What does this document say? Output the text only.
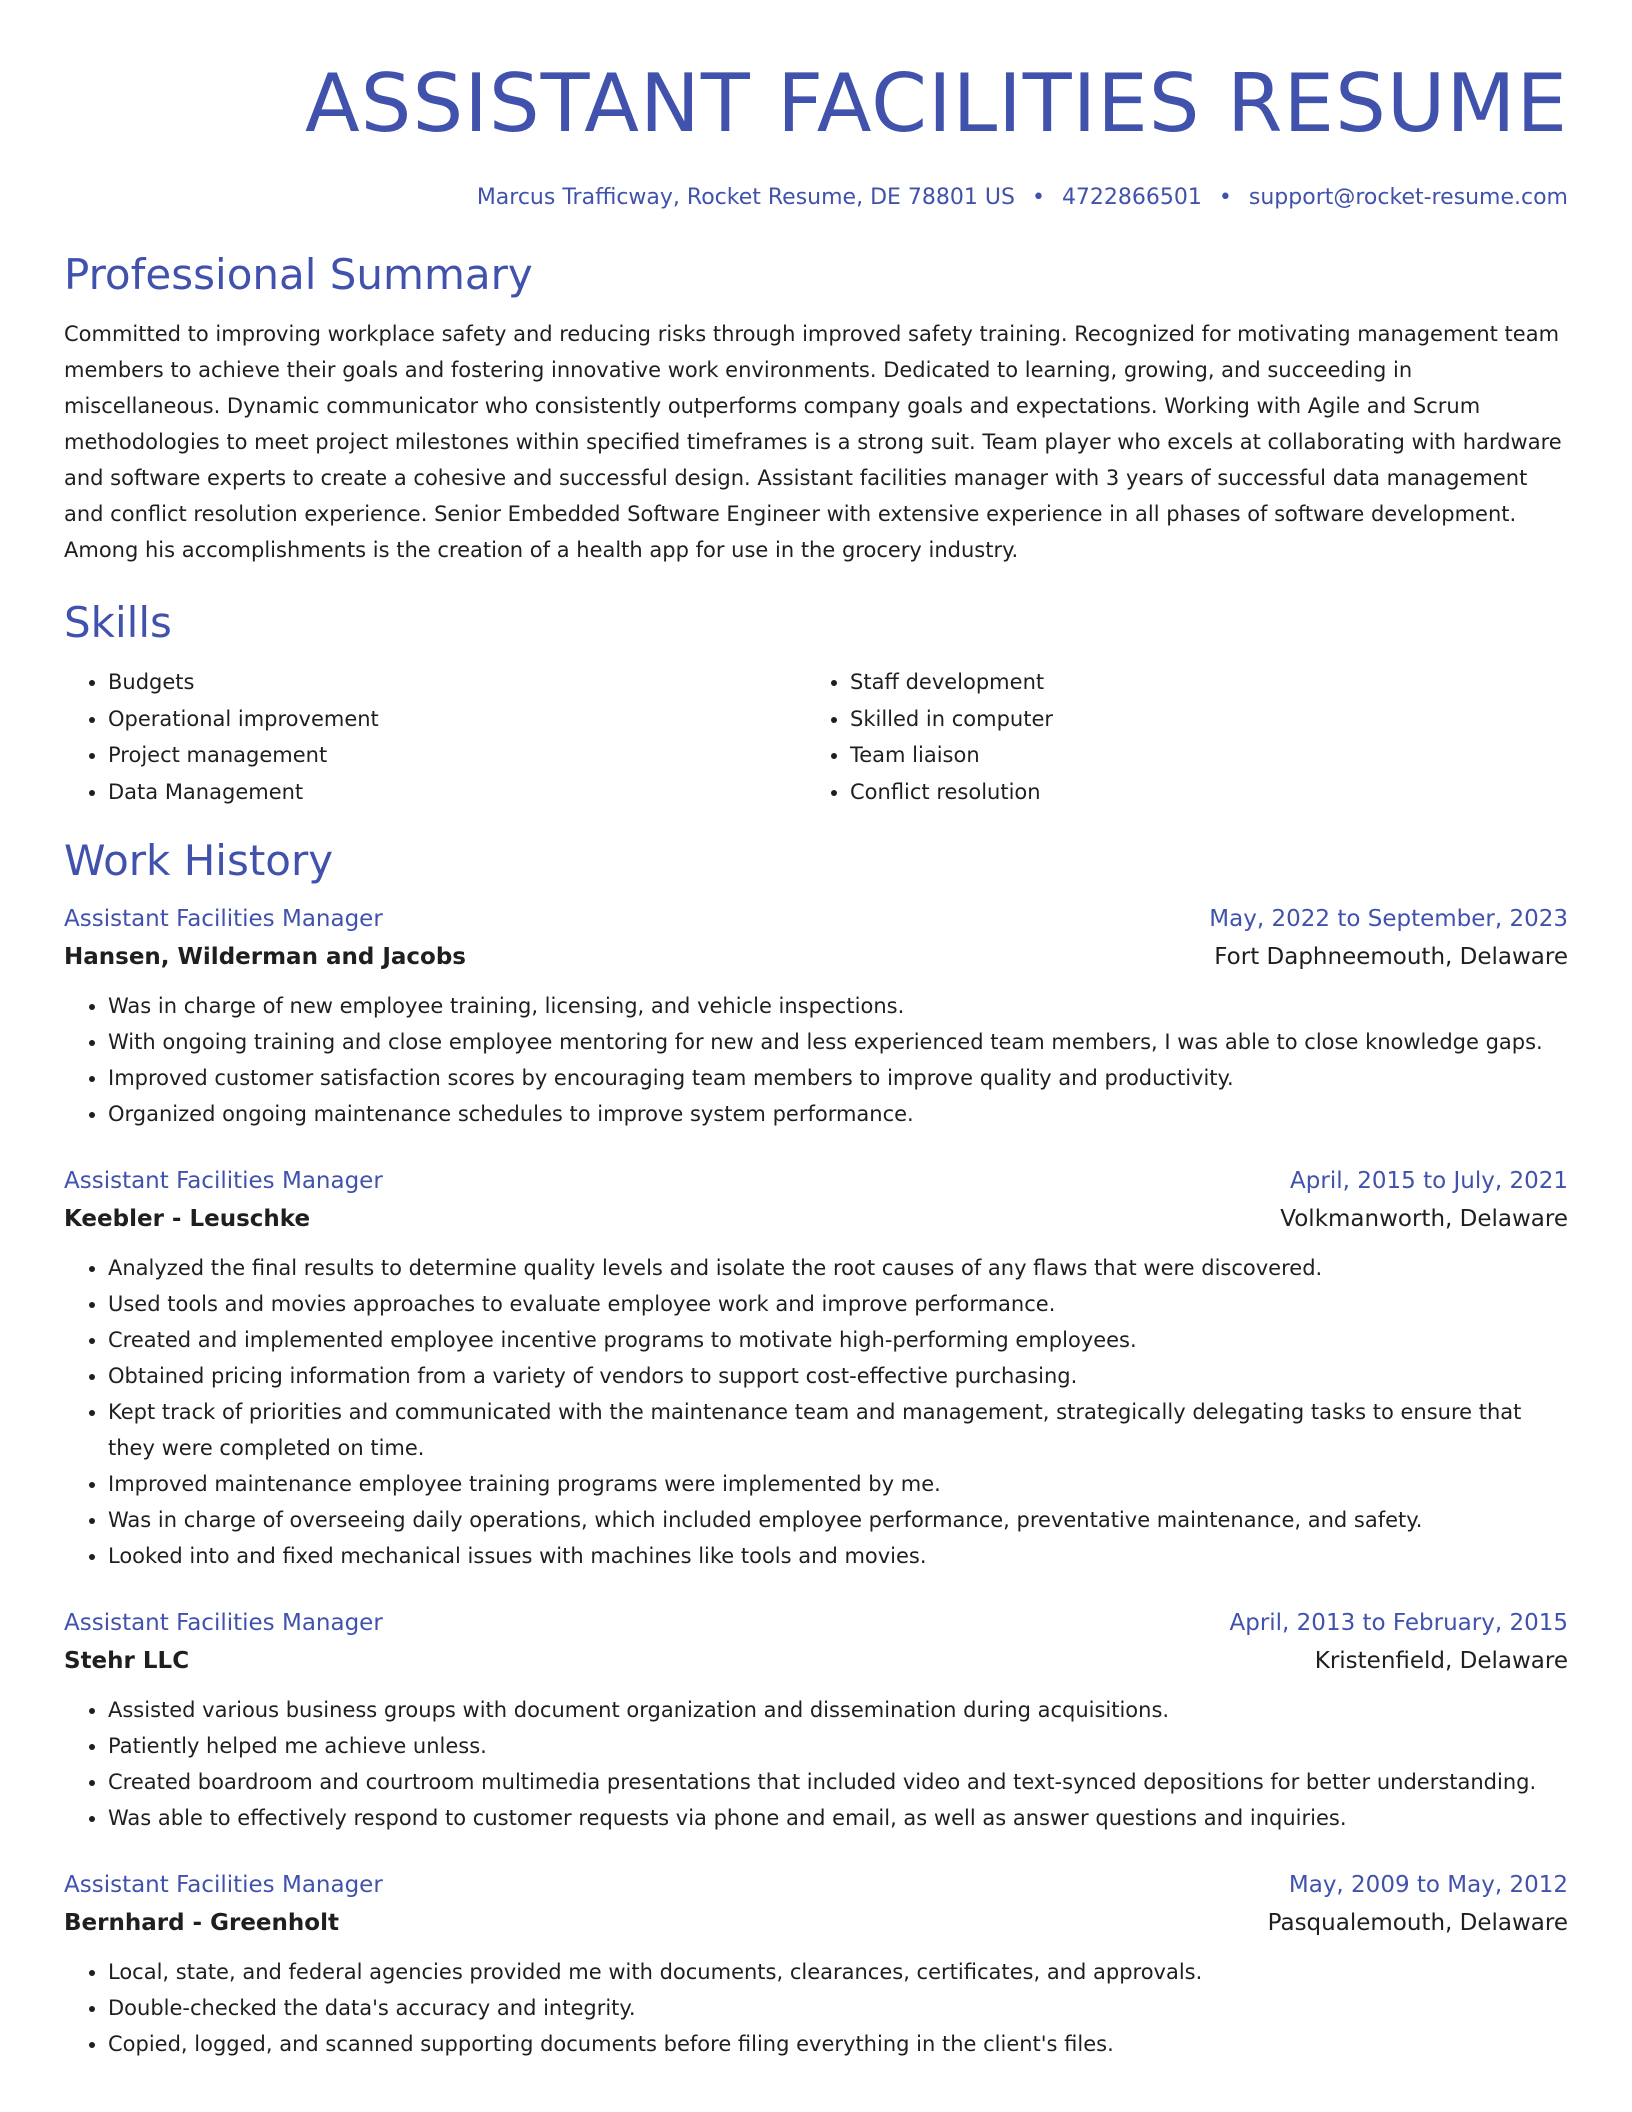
ASSISTANT FACILITIES RESUME
Marcus Trafficway, Rocket Resume, DE 78801 US • 4722866501 • support@rocket-resume.com
Professional Summary
Committed to improving workplace safety and reducing risks through improved safety training. Recognized for motivating management team members to achieve their goals and fostering innovative work environments. Dedicated to learning, growing, and succeeding in miscellaneous. Dynamic communicator who consistently outperforms company goals and expectations. Working with Agile and Scrum methodologies to meet project milestones within specified timeframes is a strong suit. Team player who excels at collaborating with hardware and software experts to create a cohesive and successful design. Assistant facilities manager with 3 years of successful data management and conflict resolution experience. Senior Embedded Software Engineer with extensive experience in all phases of software development. Among his accomplishments is the creation of a health app for use in the grocery industry.
Skills
• Budgets
• Operational improvement
• Project management
• Data Management
• Staff development
• Skilled in computer
• Team liaison
• Conflict resolution
Work History
Assistant Facilities Manager	May, 2022 to September, 2023
Hansen, Wilderman and Jacobs	Fort Daphneemouth, Delaware
• Was in charge of new employee training, licensing, and vehicle inspections.
• With ongoing training and close employee mentoring for new and less experienced team members, I was able to close knowledge gaps.
• Improved customer satisfaction scores by encouraging team members to improve quality and productivity.
• Organized ongoing maintenance schedules to improve system performance.
Assistant Facilities Manager	April, 2015 to July, 2021
Keebler - Leuschke	Volkmanworth, Delaware
• Analyzed the final results to determine quality levels and isolate the root causes of any flaws that were discovered.
• Used tools and movies approaches to evaluate employee work and improve performance.
• Created and implemented employee incentive programs to motivate high-performing employees.
• Obtained pricing information from a variety of vendors to support cost-effective purchasing.
• Kept track of priorities and communicated with the maintenance team and management, strategically delegating tasks to ensure that they were completed on time.
• Improved maintenance employee training programs were implemented by me.
• Was in charge of overseeing daily operations, which included employee performance, preventative maintenance, and safety.
• Looked into and fixed mechanical issues with machines like tools and movies.
Assistant Facilities Manager	April, 2013 to February, 2015
Stehr LLC	Kristenfield, Delaware
• Assisted various business groups with document organization and dissemination during acquisitions.
• Patiently helped me achieve unless.
• Created boardroom and courtroom multimedia presentations that included video and text-synced depositions for better understanding.
• Was able to effectively respond to customer requests via phone and email, as well as answer questions and inquiries.
Assistant Facilities Manager	May, 2009 to May, 2012
Bernhard - Greenholt	Pasqualemouth, Delaware
• Local, state, and federal agencies provided me with documents, clearances, certificates, and approvals.
• Double-checked the data's accuracy and integrity.
• Copied, logged, and scanned supporting documents before filing everything in the client's files.
